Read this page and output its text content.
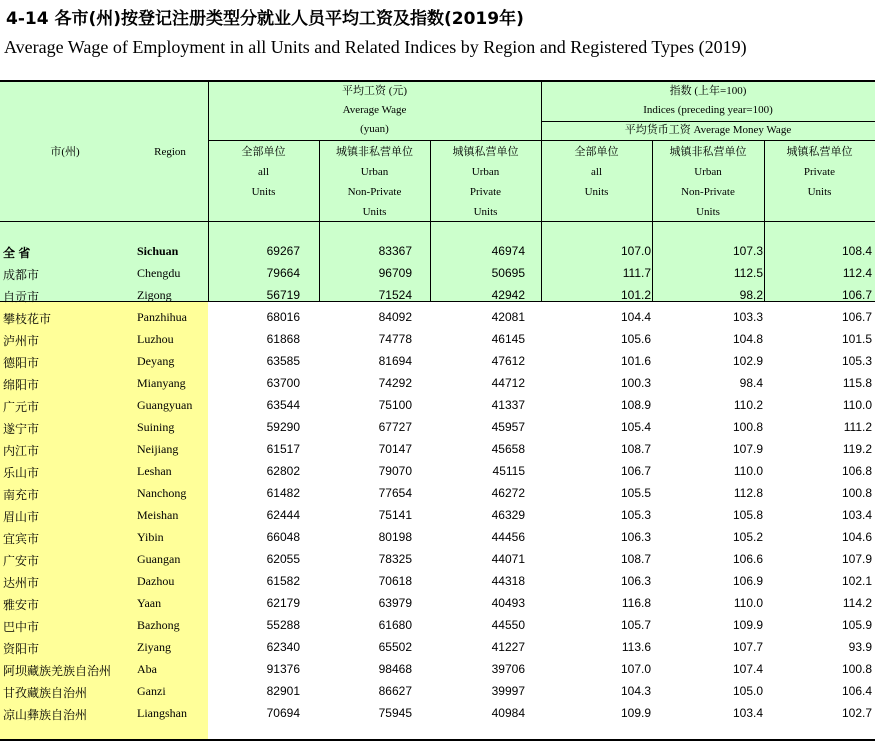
4-14 各市(州)按登记注册类型分就业人员平均工资及指数(2019年)
Average Wage of Employment in all Units and Related Indices by Region and Registered Types (2019)
市(州)	Region
平均工资 (元)
Average Wage
(yuan)
指数 (上年=100)
Indices (preceding year=100)
平均货币工资 Average Money Wage
全部单位
all
Units
城镇非私营单位
Urban
Non-Private
Units
城镇私营单位
Urban
Private
Units
全部单位
all
Units
城镇非私营单位
Urban
Non-Private
Units
城镇私营单位
Private
Units
全 省	Sichuan	69267	83367	46974	107.0	107.3	108.4
成都市	Chengdu	79664	96709	50695	111.7	112.5	112.4
自贡市	Zigong	56719	71524	42942	101.2	98.2	106.7
攀枝花市	Panzhihua	68016	84092	42081	104.4	103.3	106.7
泸州市	Luzhou	61868	74778	46145	105.6	104.8	101.5
德阳市	Deyang	63585	81694	47612	101.6	102.9	105.3
绵阳市	Mianyang	63700	74292	44712	100.3	98.4	115.8
广元市	Guangyuan	63544	75100	41337	108.9	110.2	110.0
遂宁市	Suining	59290	67727	45957	105.4	100.8	111.2
内江市	Neijiang	61517	70147	45658	108.7	107.9	119.2
乐山市	Leshan	62802	79070	45115	106.7	110.0	106.8
南充市	Nanchong	61482	77654	46272	105.5	112.8	100.8
眉山市	Meishan	62444	75141	46329	105.3	105.8	103.4
宜宾市	Yibin	66048	80198	44456	106.3	105.2	104.6
广安市	Guangan	62055	78325	44071	108.7	106.6	107.9
达州市	Dazhou	61582	70618	44318	106.3	106.9	102.1
雅安市	Yaan	62179	63979	40493	116.8	110.0	114.2
巴中市	Bazhong	55288	61680	44550	105.7	109.9	105.9
资阳市	Ziyang	62340	65502	41227	113.6	107.7	93.9
阿坝藏族羌族自治州 Aba	91376	98468	39706	107.0	107.4	100.8
甘孜藏族自治州	Ganzi	82901	86627	39997	104.3	105.0	106.4
凉山彝族自治州	Liangshan	70694	75945	40984	109.9	103.4	102.7
